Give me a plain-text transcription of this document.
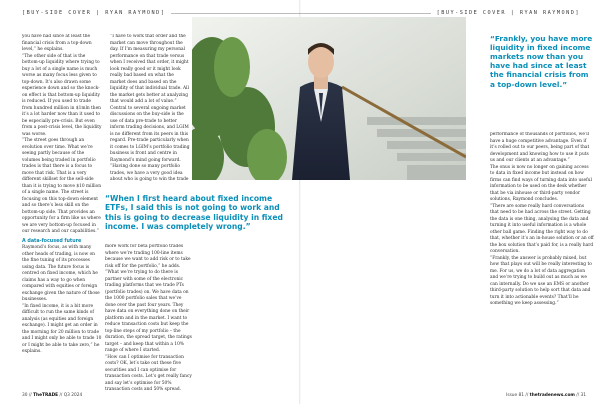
[BUY-SIDE COVER | RYAN RAYMOND]

you have had since at least the financial crisis from a top-down level,” he explains.
“The other side of that is the bottom-up liquidity where trying to buy a lot of a single name is much worse as many focus less given to top-down. It’s also drawn some experience down and so the knock-on effect is that bottom-up liquidity is reduced. If you used to trade from hundred million in $1mln then it’s a lot harder now than it used to be especially pre-crisis. But even from a post-crisis level, the liquidity was worse.
“The street goes through an evolution over time. What we’re seeing partly because of the volumes being traded in portfolio trades is that there is a focus to move that risk. That is a very different skillset for the sell-side than it is trying to move $10 million of a single name. The street is focusing on this top-down element and so there’s less skill on the bottom-up side. That provides an opportunity for a firm like us where we are very bottom-up focused in our research and our capabilities.”

A data-focused future

Raymond’s focus, as with many other heads of trading, is now on the fine tuning of its processes using data. The future focus is centred on fixed income, which he claims has a way to go when compared with equities or foreign exchange given the nature of those businesses.
“In fixed income, it is a bit more difficult to run the same kinds of analysis (as equities and foreign exchange). I might get an order in the morning for 20 million to trade and I might only be able to trade 10 or I might be able to take zero,” he explains.

30 // TheTRADE // Q3 2024
[BUY-SIDE COVER | RYAN RAYMOND]
Issue 81 // thetradenews.com // 31

“I have to work that order and the market can move throughout the day. If I’m measuring my personal performance on that trade versus when I received that order, it might look really good or it might look really bad based on what the market does and based on the liquidity of that individual trade. All the market gets better at analyzing that would add a lot of value.”
Central to several ongoing market discussions on the buy-side is the use of data pre-trade to better inform trading decisions, and LGIM is no different from its peers in this regard. Pre-trade particularly when it comes to LGIM’s portfolio trading business is front and centre in Raymond’s mind going forward.
“Having done so many portfolio trades, we have a very good idea about who is going to win the trade

“When I first heard about fixed income ETFs, I said this is not going to work and this is going to decrease liquidity in fixed income. I was completely wrong.”

more work for beta portfolio trades where we’re trading 100-line items because we want to add risk or to take risk off for the portfolio,” he adds.
“What we’re trying to do there is partner with some of the electronic trading platforms that we trade PTs (portfolio trades) on. We have data on the 1000 portfolio sales that we’ve done over the past four years. They have data on everything done on their platform and in the market. I want to reduce transaction costs but keep the top-line steps of my portfolio – the duration, the spread target, the ratings target – and keep that within a 10% range of where I started.
“How can I optimise for transaction costs? OK, let’s take out these five securities and I can optimise for transaction costs. Let’s get really fancy and say let’s optimise for 50% transaction costs and 50% spread.

“Frankly, you have more liquidity in fixed income markets now than you have had since at least the financial crisis from a top-down level.”

performance of thousands of portfolios, we’ll have a huge competitive advantage. Even if it’s rolled out to our peers, being part of that development and knowing how to use it puts us and our clients at an advantage.”
The onus is now no longer on gaining access to data in fixed income but instead on how firms can find ways of turning data into useful information to be used on the desk whether that be via inhouse or third-party vendor solutions, Raymond concludes.
“There are some really hard conversations that need to be had across the street. Getting the data is one thing, analysing the data and turning it into useful information is a whole other ball game. Finding the right way to do that, whether it’s an in-house solution or an off the box solution that’s paid for, is a really hard conversation.
“Frankly, the answer is probably mixed, but how that plays out will be really interesting to me. For us, we do a lot of data aggregation and we’re trying to build out as much as we can internally. Do we use an EMS or another third-party solution to help sort that data and turn it into actionable events? That’ll be something we keep assessing.”
